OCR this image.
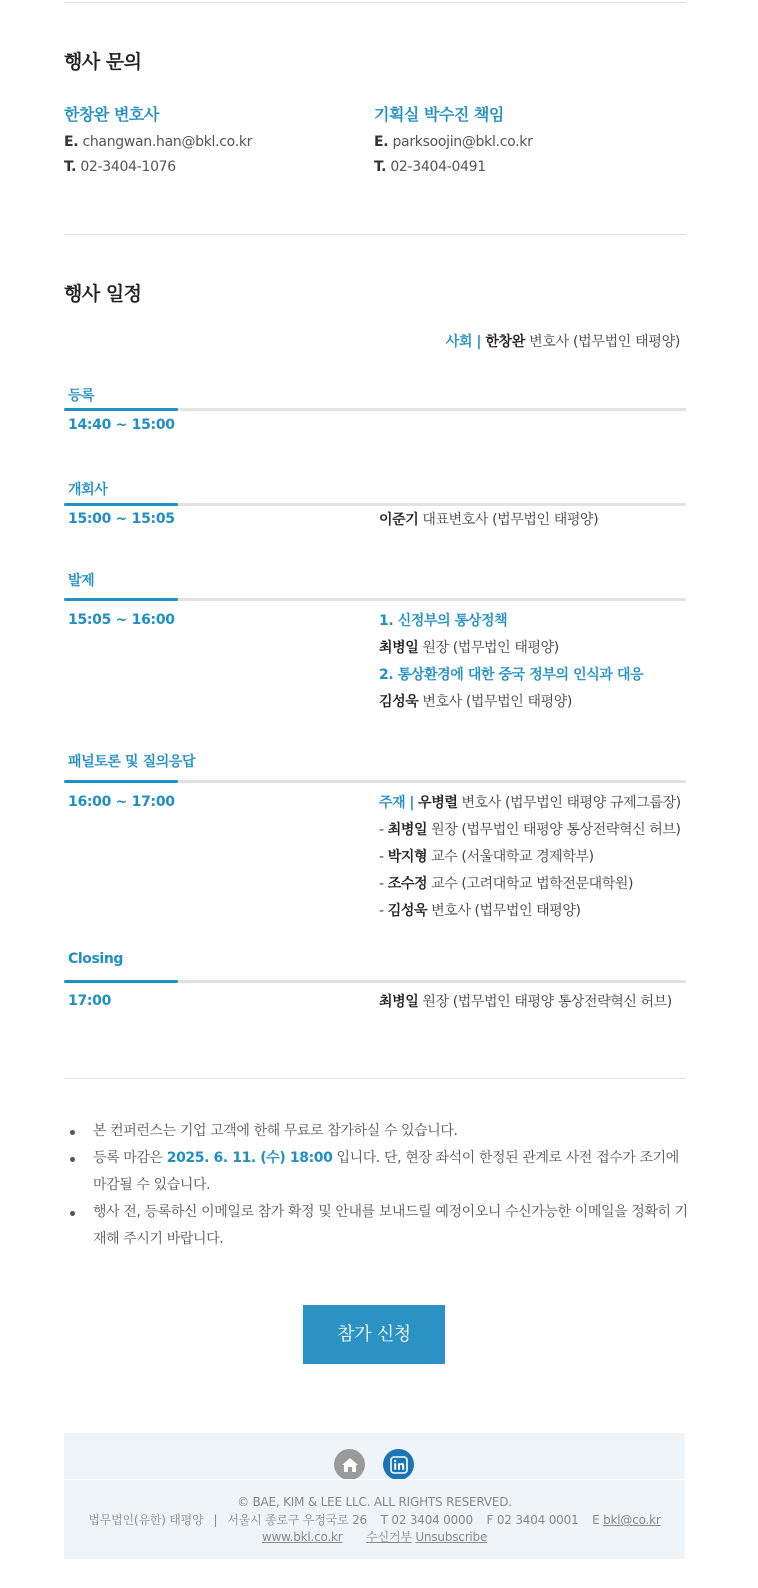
행사 문의
한창완 변호사
E. changwan.han@bkl.co.kr
T. 02-3404-1076
기획실 박수진 책임
E. parksoojin@bkl.co.kr
T. 02-3404-0491
행사 일정
사회 | 한창완 변호사 (법무법인 태평양)
등록
14:40 ~ 15:00
개회사
15:00 ~ 15:05	이준기 대표변호사 (법무법인 태평양)
발제
15:05 ~ 16:00	1. 신정부의 통상정책
최병일 원장 (법무법인 태평양)
2. 통상환경에 대한 중국 정부의 인식과 대응
김성욱 변호사 (법무법인 태평양)
패널토론 및 질의응답
16:00 ~ 17:00	주재 | 우병렬 변호사 (법무법인 태평양 규제그룹장)
- 최병일 원장 (법무법인 태평양 통상전략혁신 허브)
- 박지형 교수 (서울대학교 경제학부)
- 조수정 교수 (고려대학교 법학전문대학원)
- 김성욱 변호사 (법무법인 태평양)
Closing
17:00	최병일 원장 (법무법인 태평양 통상전략혁신 허브)
본 컨퍼런스는 기업 고객에 한해 무료로 참가하실 수 있습니다.
등록 마감은 2025. 6. 11. (수) 18:00 입니다. 단, 현장 좌석이 한정된 관계로 사전 접수가 조기에 마감될 수 있습니다.
행사 전, 등록하신 이메일로 참가 확정 및 안내를 보내드릴 예정이오니 수신가능한 이메일을 정확히 기재해 주시기 바랍니다.
참가 신청
© BAE, KIM & LEE LLC. ALL RIGHTS RESERVED.
법무법인(유한) 태평양 | 서울시 종로구 우정국로 26 T 02 3404 0000 F 02 3404 0001 E bkl@co.kr
www.bkl.co.kr 수신거부 Unsubscribe
